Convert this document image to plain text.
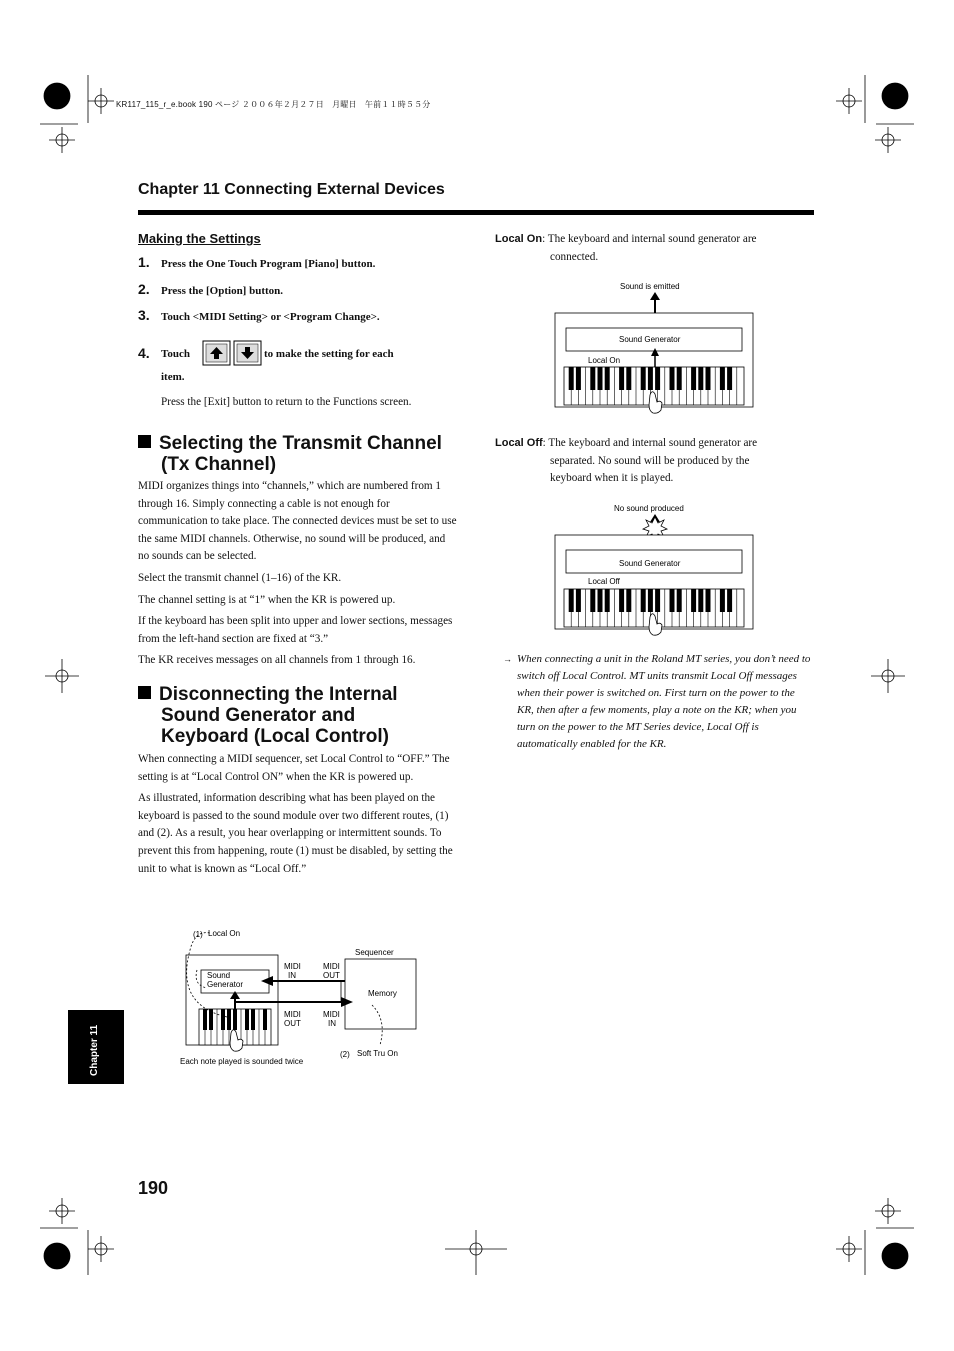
KR117_115_r_e.book 190 ページ ２００６年２月２７日　月曜日　午前１１時５５分
Chapter 11 Connecting External Devices
Making the Settings
1. Press the One Touch Program [Piano] button.
2. Press the [Option] button.
3. Touch <MIDI Setting> or <Program Change>.
4. Touch	to make the setting for each
item.
Press the [Exit] button to return to the Functions screen.
Selecting the Transmit Channel
(Tx Channel)

MIDI organizes things into “channels,” which are numbered from 1 through 16. Simply connecting a cable is not enough for communication to take place. The connected devices must be set to use the same MIDI channels. Otherwise, no sound will be produced, and no sounds can be selected.

Select the transmit channel (1–16) of the KR.

The channel setting is at “1” when the KR is powered up.

If the keyboard has been split into upper and lower sections, messages from the left-hand section are fixed at “3.”

The KR receives messages on all channels from 1 through 16.

Disconnecting the Internal
Sound Generator and
Keyboard (Local Control)

When connecting a MIDI sequencer, set Local Control to “OFF.” The setting is at “Local Control ON” when the KR is powered up.

As illustrated, information describing what has been played on the keyboard is passed to the sound module over two different routes, (1) and (2). As a result, you hear overlapping or intermittent sounds. To prevent this from happening, route (1) must be disabled, by setting the unit to what is known as “Local Off.”

(1) Local On
Sequencer
Sound
Generator
Memory
MIDI
IN
MIDI
OUT
MIDI
OUT
MIDI
IN
(2) Soft Tru On
Each note played is sounded twice
Local On: The keyboard and internal sound generator are
connected.
Sound is emitted
Sound Generator
Local On
Local Off: The keyboard and internal sound generator are
separated. No sound will be produced by the
keyboard when it is played.
No sound produced
Sound Generator
Local Off
→ When connecting a unit in the Roland MT series, you don’t need to switch off Local Control. MT units transmit Local Off messages when their power is switched on. First turn on the power to the KR, then after a few moments, play a note on the KR; when you turn on the power to the MT Series device, Local Off is automatically enabled for the KR.
Chapter 11
190
